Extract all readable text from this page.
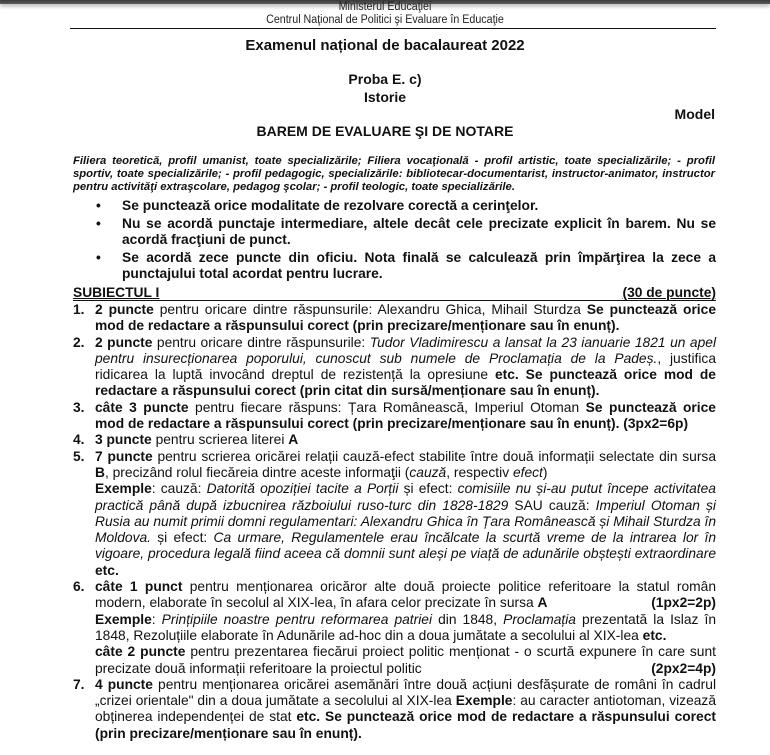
Ministerul Educaţiei
Centrul Naţional de Politici şi Evaluare în Educaţie
Examenul național de bacalaureat 2022
Proba E. c)
Istorie
Model
BAREM DE EVALUARE ŞI DE NOTARE
Filiera teoretică, profil umanist, toate specializările; Filiera vocaţională - profil artistic, toate specializările; - profil sportiv, toate specializările; - profil pedagogic, specializările: bibliotecar-documentarist, instructor-animator, instructor pentru activităţi extraşcolare, pedagog şcolar; - profil teologic, toate specializările.
• Se punctează orice modalitate de rezolvare corectă a cerinţelor.
• Nu se acordă punctaje intermediare, altele decât cele precizate explicit în barem. Nu se acordă fracţiuni de punct.
• Se acordă zece puncte din oficiu. Nota finală se calculează prin împărţirea la zece a punctajului total acordat pentru lucrare.
SUBIECTUL I	(30 de puncte)
1. 2 puncte pentru oricare dintre răspunsurile: Alexandru Ghica, Mihail Sturdza Se punctează orice mod de redactare a răspunsului corect (prin precizare/menționare sau în enunț).
2. 2 puncte pentru oricare dintre răspunsurile: Tudor Vladimirescu a lansat la 23 ianuarie 1821 un apel pentru insurecționarea poporului, cunoscut sub numele de Proclamația de la Padeș., justifica ridicarea la luptă invocând dreptul de rezistență la opresiune etc. Se punctează orice mod de redactare a răspunsului corect (prin citat din sursă/menționare sau în enunț).
3. câte 3 puncte pentru fiecare răspuns: Țara Românească, Imperiul Otoman Se punctează orice mod de redactare a răspunsului corect (prin precizare/menționare sau în enunț). (3px2=6p)
4. 3 puncte pentru scrierea literei A
5. 7 puncte pentru scrierea oricărei relații cauză-efect stabilite între două informații selectate din sursa B, precizând rolul fiecăreia dintre aceste informaţii (cauză, respectiv efect)
Exemple: cauză: Datorită opoziției tacite a Porții și efect: comisiile nu și-au putut începe activitatea practică până după izbucnirea războiului ruso-turc din 1828-1829 SAU cauză: Imperiul Otoman și Rusia au numit primii domni regulamentari: Alexandru Ghica în Țara Românească și Mihail Sturdza în Moldova. și efect: Ca urmare, Regulamentele erau încălcate la scurtă vreme de la intrarea lor în vigoare, procedura legală fiind aceea că domnii sunt aleși pe viață de adunările obștești extraordinare etc.
6. câte 1 punct pentru menționarea oricăror alte două proiecte politice referitoare la statul român modern, elaborate în secolul al XIX-lea, în afara celor precizate în sursa A	(1px2=2p)

Exemple: Prințipiile noastre pentru reformarea patriei din 1848, Proclamația prezentată la Islaz în 1848, Rezoluțiile elaborate în Adunările ad-hoc din a doua jumătate a secolului al XIX-lea etc.
câte 2 puncte pentru prezentarea fiecărui proiect politic menționat - o scurtă expunere în care sunt precizate două informații referitoare la proiectul politic	(2px2=4p)
7. 4 puncte pentru menționarea oricărei asemănări între două acțiuni desfășurate de români în cadrul „crizei orientale" din a doua jumătate a secolului al XIX-lea Exemple: au caracter antiotoman, vizează obținerea independenței de stat etc. Se punctează orice mod de redactare a răspunsului corect (prin precizare/menționare sau în enunț).
